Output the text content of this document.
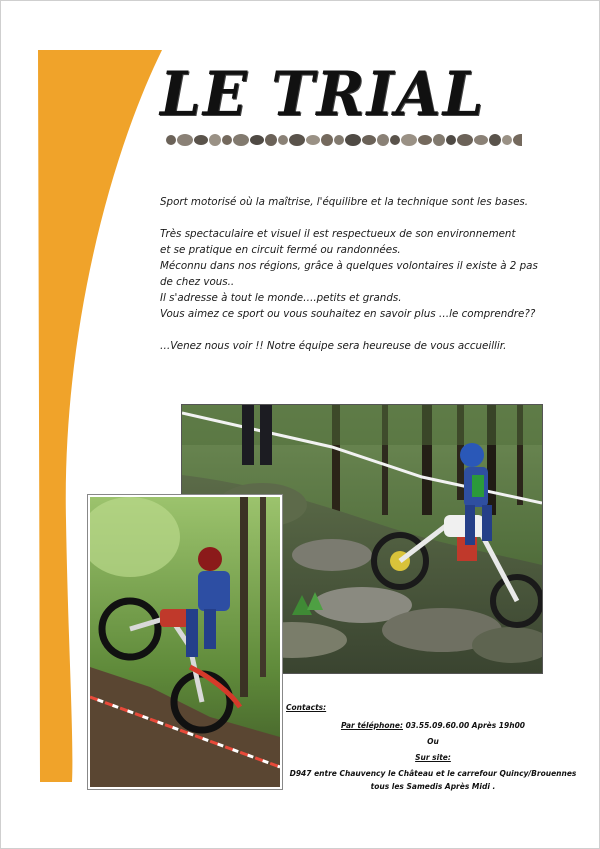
LE TRIAL

Sport motorisé où la maîtrise, l'équilibre et la technique sont les bases.

Très spectaculaire et visuel il est respectueux de son environnement

et se pratique en circuit fermé ou randonnées.

Méconnu dans nos régions, grâce à quelques volontaires il existe à 2 pas

de chez vous..

Il s'adresse à tout le monde….petits et grands.

Vous aimez ce sport ou vous souhaitez en savoir plus …le comprendre??

…Venez nous voir !! Notre équipe sera heureuse de vous accueillir.

Contacts:
Par téléphone: 03.55.09.60.00 Après 19h00
Ou
Sur site:
D947 entre Chauvency le Château et le carrefour Quincy/Brouennes
tous les Samedis Après Midi .
